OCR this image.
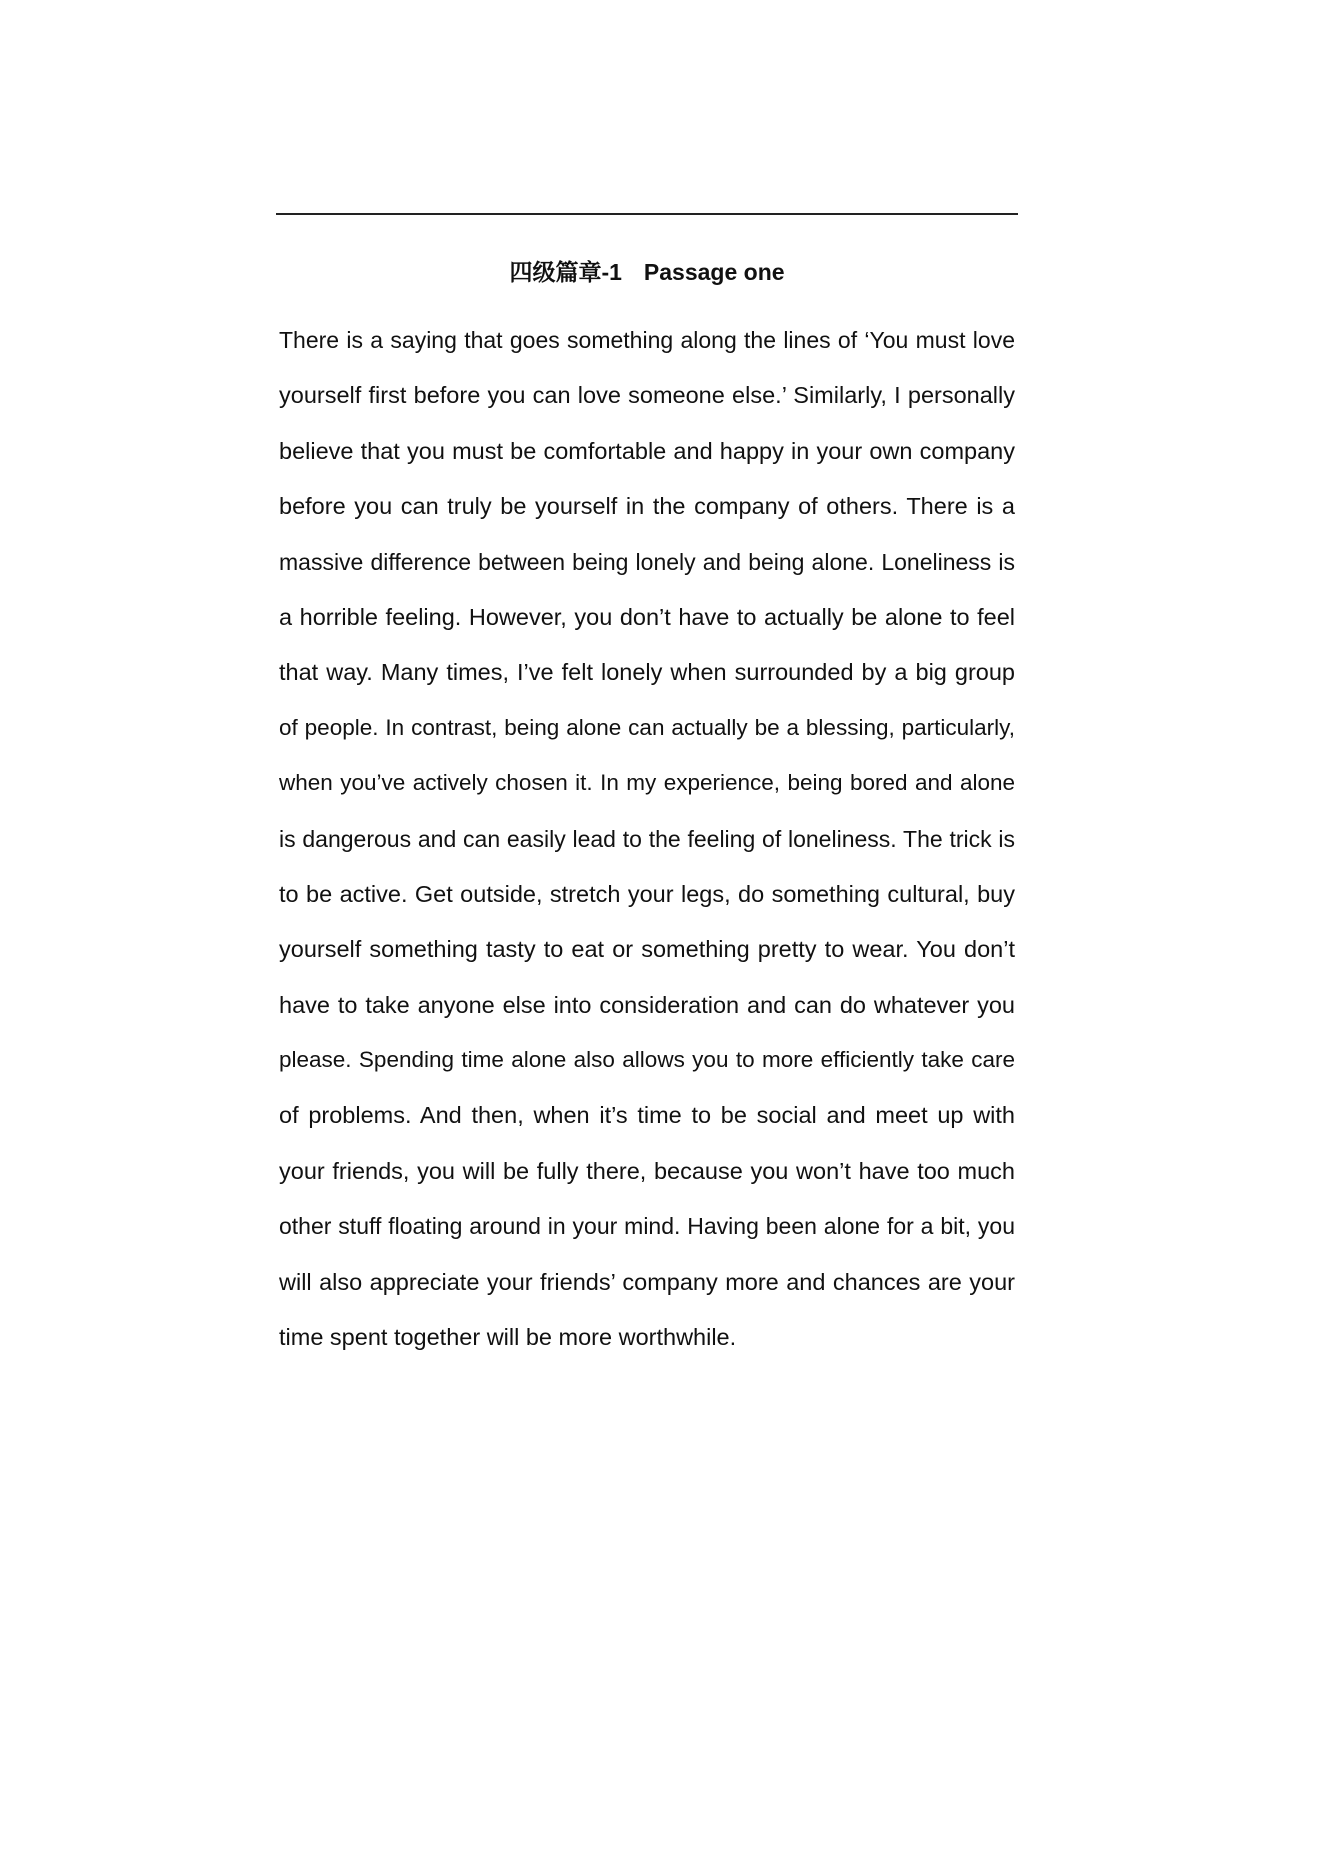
四级篇章-1 Passage one
There is a saying that goes something along the lines of ‘You must love
yourself first before you can love someone else.’ Similarly, I personally
believe that you must be comfortable and happy in your own company
before you can truly be yourself in the company of others. There is a
massive difference between being lonely and being alone. Loneliness is
a horrible feeling. However, you don’t have to actually be alone to feel
that way. Many times, I’ve felt lonely when surrounded by a big group
of people. In contrast, being alone can actually be a blessing, particularly,
when you’ve actively chosen it. In my experience, being bored and alone
is dangerous and can easily lead to the feeling of loneliness. The trick is
to be active. Get outside, stretch your legs, do something cultural, buy
yourself something tasty to eat or something pretty to wear. You don’t
have to take anyone else into consideration and can do whatever you
please. Spending time alone also allows you to more efficiently take care
of problems. And then, when it’s time to be social and meet up with
your friends, you will be fully there, because you won’t have too much
other stuff floating around in your mind. Having been alone for a bit, you
will also appreciate your friends’ company more and chances are your
time spent together will be more worthwhile.
